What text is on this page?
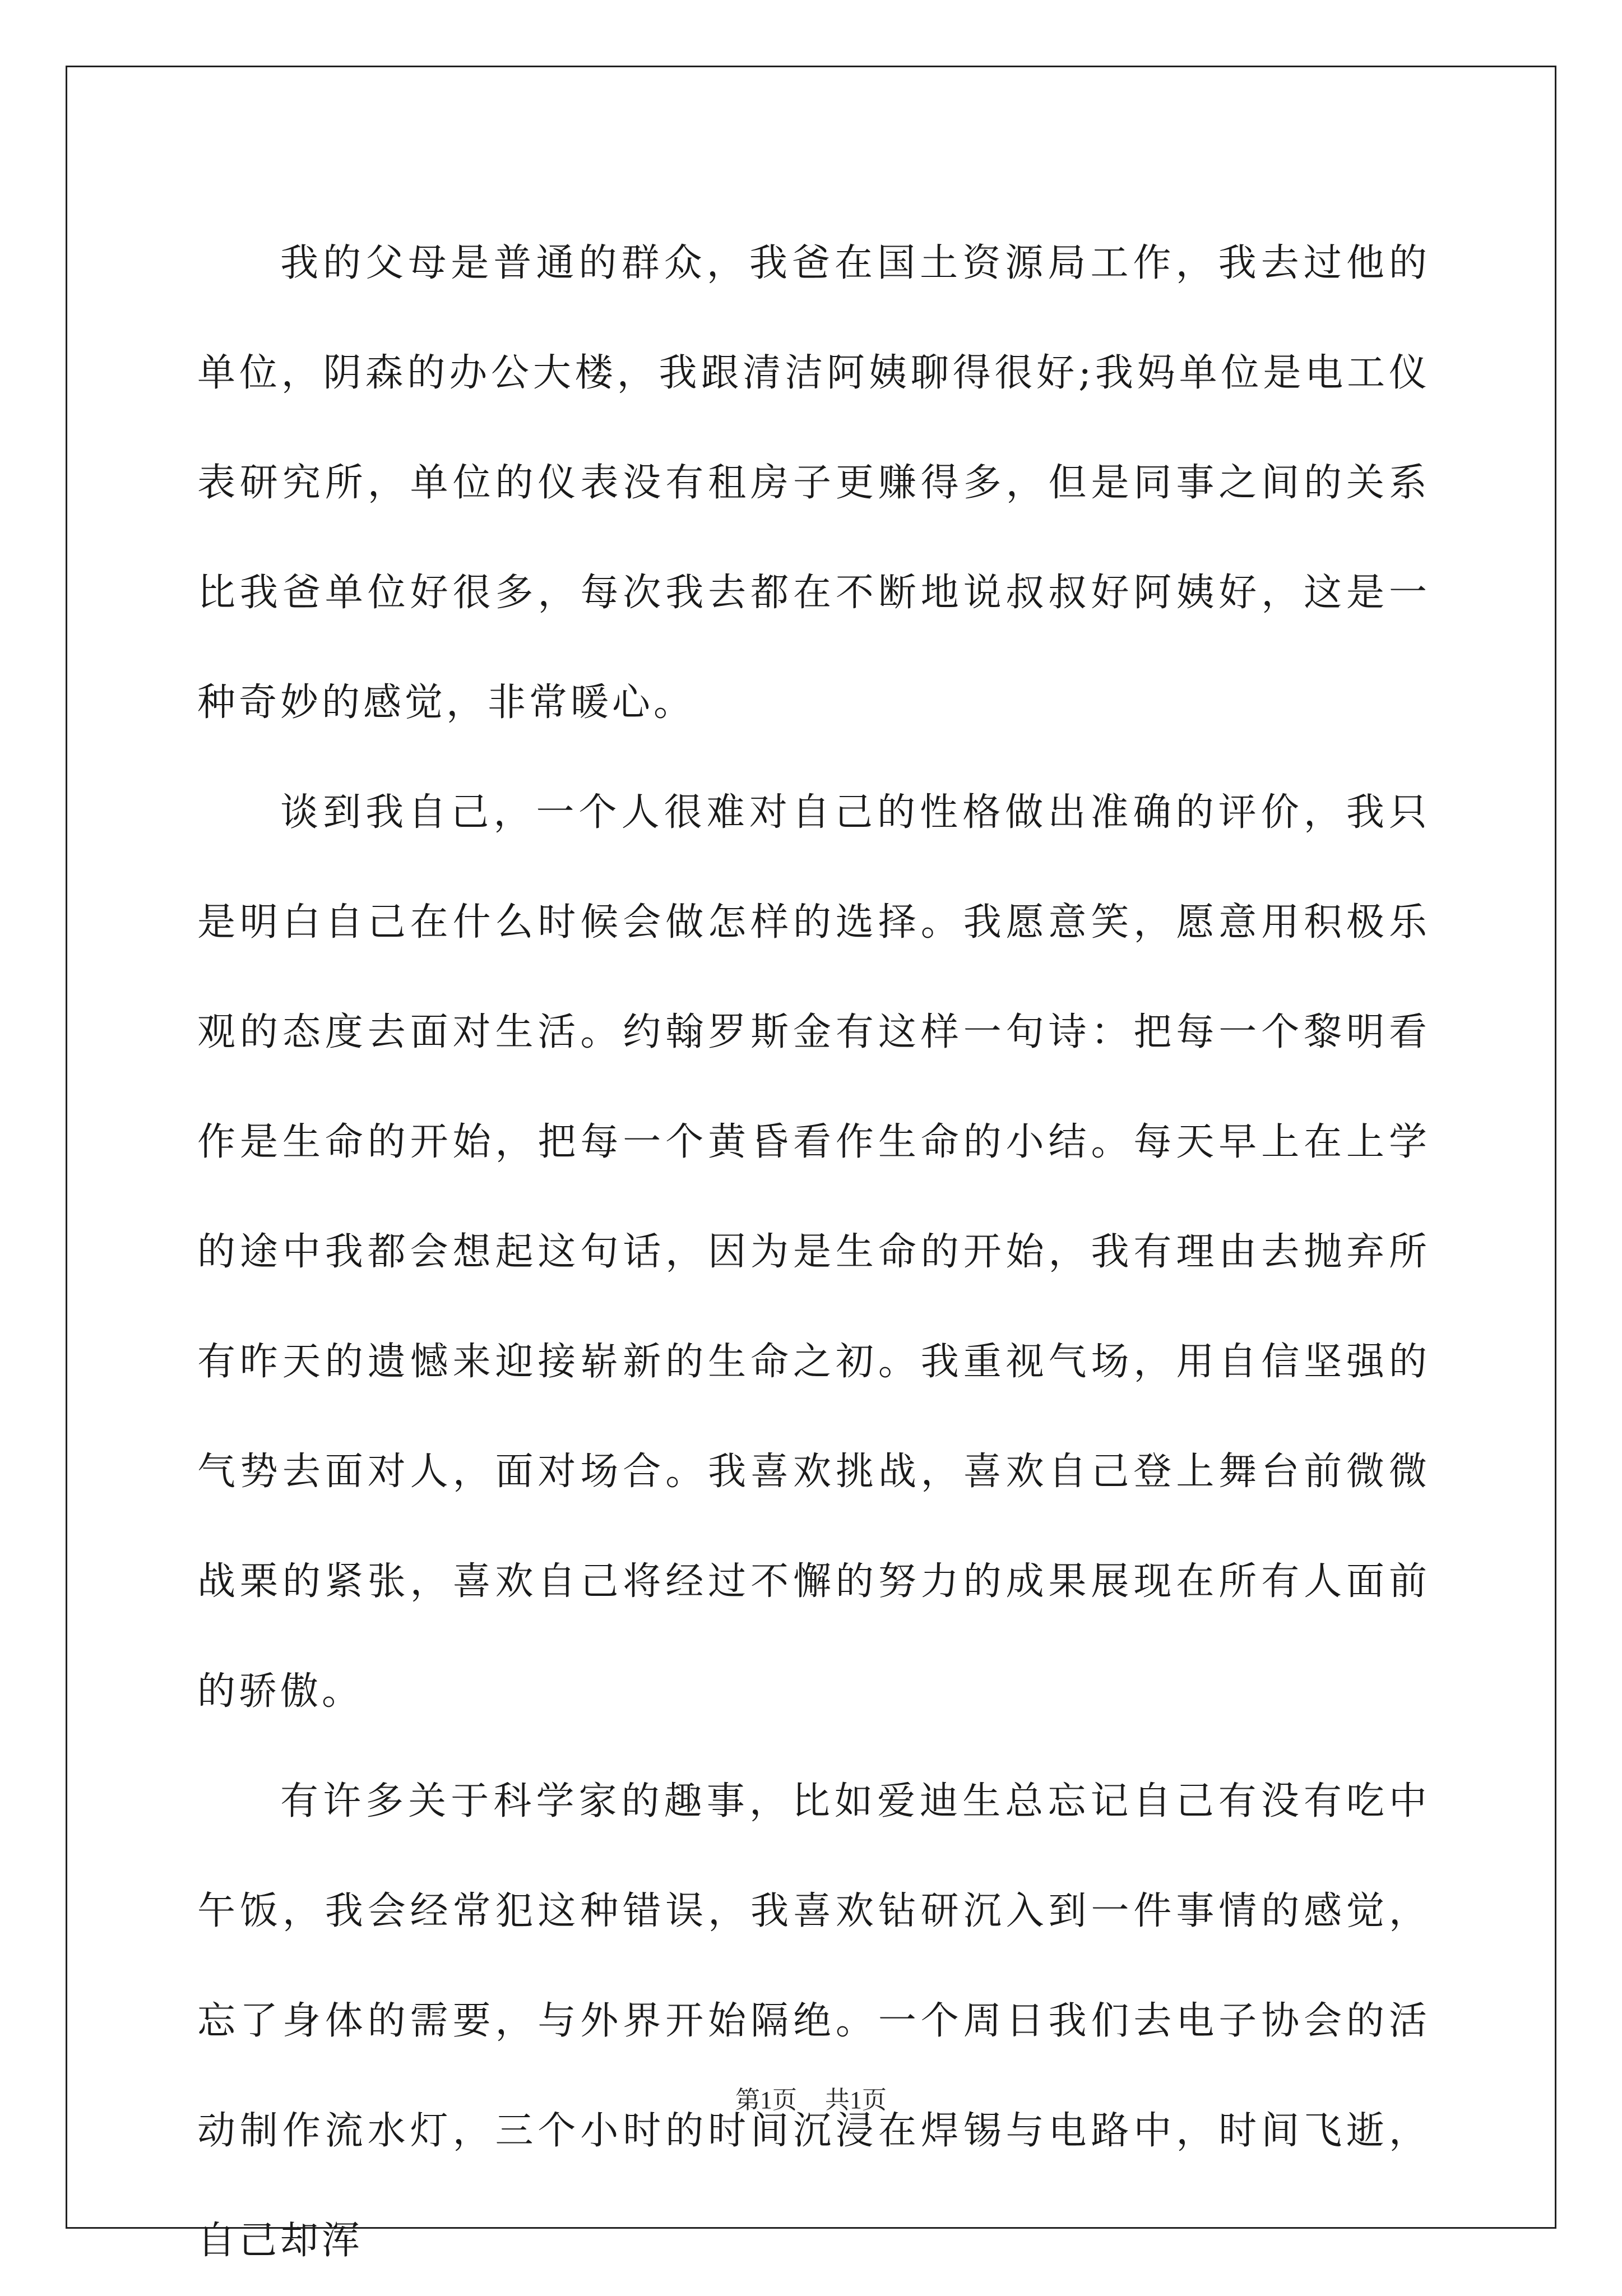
我的父母是普通的群众，我爸在国土资源局工作，我去过他的单位，阴森的办公大楼，我跟清洁阿姨聊得很好;我妈单位是电工仪表研究所，单位的仪表没有租房子更赚得多，但是同事之间的关系比我爸单位好很多，每次我去都在不断地说叔叔好阿姨好，这是一种奇妙的感觉，非常暖心。

谈到我自己，一个人很难对自己的性格做出准确的评价，我只是明白自己在什么时候会做怎样的选择。我愿意笑，愿意用积极乐观的态度去面对生活。约翰罗斯金有这样一句诗：把每一个黎明看作是生命的开始，把每一个黄昏看作生命的小结。每天早上在上学的途中我都会想起这句话，因为是生命的开始，我有理由去抛弃所有昨天的遗憾来迎接崭新的生命之初。我重视气场，用自信坚强的气势去面对人，面对场合。我喜欢挑战，喜欢自己登上舞台前微微战栗的紧张，喜欢自己将经过不懈的努力的成果展现在所有人面前的骄傲。

有许多关于科学家的趣事，比如爱迪生总忘记自己有没有吃中午饭，我会经常犯这种错误，我喜欢钻研沉入到一件事情的感觉，忘了身体的需要，与外界开始隔绝。一个周日我们去电子协会的活动制作流水灯，三个小时的时间沉浸在焊锡与电路中，时间飞逝，自己却浑

第1页 共1页
